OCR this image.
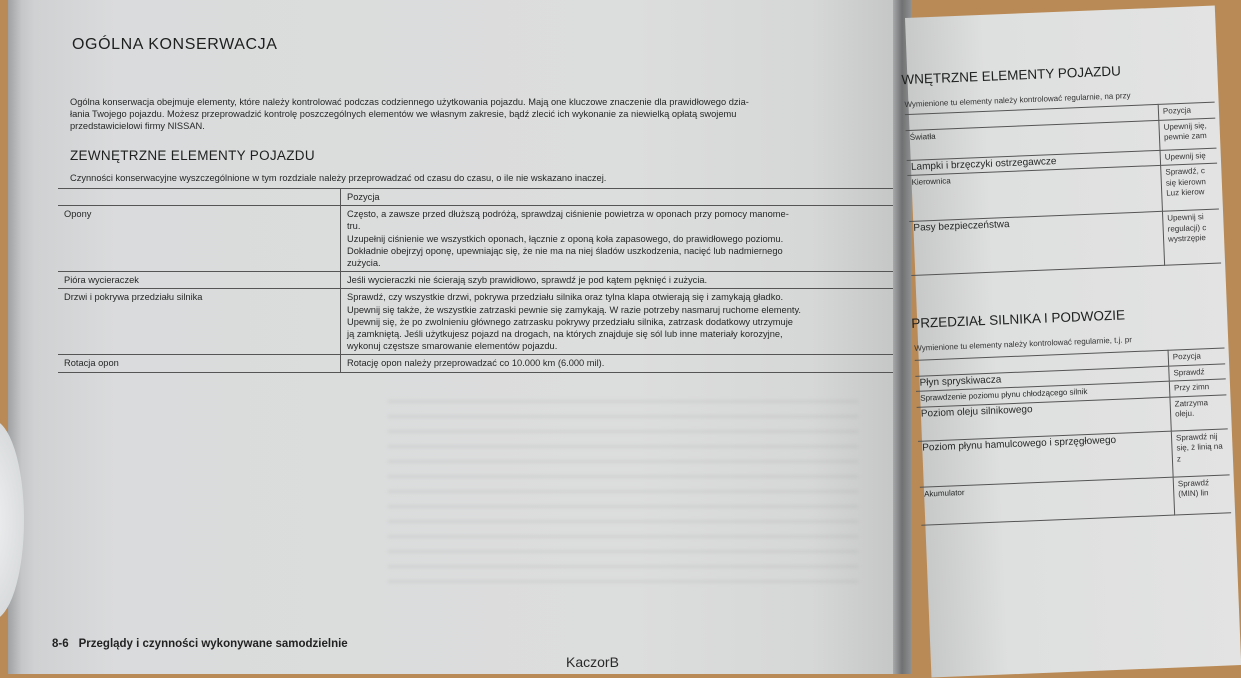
OGÓLNA KONSERWACJA
Ogólna konserwacja obejmuje elementy, które należy kontrolować podczas codziennego użytkowania pojazdu. Mają one kluczowe znaczenie dla prawidłowego dzia-
łania Twojego pojazdu. Możesz przeprowadzić kontrolę poszczególnych elementów we własnym zakresie, bądź zlecić ich wykonanie za niewielką opłatą swojemu
przedstawicielowi firmy NISSAN.
ZEWNĘTRZNE ELEMENTY POJAZDU
Czynności konserwacyjne wyszczególnione w tym rozdziale należy przeprowadzać od czasu do czasu, o ile nie wskazano inaczej.
	Pozycja
Opony	Często, a zawsze przed dłuższą podróżą, sprawdzaj ciśnienie powietrza w oponach przy pomocy manome-
tru.
Uzupełnij ciśnienie we wszystkich oponach, łącznie z oponą koła zapasowego, do prawidłowego poziomu.
Dokładnie obejrzyj oponę, upewniając się, że nie ma na niej śladów uszkodzenia, nacięć lub nadmiernego
zużycia.

Pióra wycieraczek	Jeśli wycieraczki nie ścierają szyb prawidłowo, sprawdź je pod kątem pęknięć i zużycia.

Drzwi i pokrywa przedziału silnika	Sprawdź, czy wszystkie drzwi, pokrywa przedziału silnika oraz tylna klapa otwierają się i zamykają gładko.
Upewnij się także, że wszystkie zatrzaski pewnie się zamykają. W razie potrzeby nasmaruj ruchome elementy.
Upewnij się, że po zwolnieniu głównego zatrzasku pokrywy przedziału silnika, zatrzask dodatkowy utrzymuje
ją zamkniętą. Jeśli użytkujesz pojazd na drogach, na których znajduje się sól lub inne materiały korozyjne,
wykonuj częstsze smarowanie elementów pojazdu.

Rotacja opon	Rotację opon należy przeprowadzać co 10.000 km (6.000 mil).
8-6 Przeglądy i czynności wykonywane samodzielnie
WNĘTRZNE ELEMENTY POJAZDU
Wymienione tu elementy należy kontrolować regularnie, na przy
	Pozycja
Światła	Upewnij się, pewnie zam
Lampki i brzęczyki ostrzegawcze	Upewnij się
Kierownica	Sprawdź, c się kierown Luz kierow
Pasy bezpieczeństwa	Upewnij si regulacji) c wystrzępie
PRZEDZIAŁ SILNIKA I PODWOZIE
Wymienione tu elementy należy kontrolować regularnie, t.j. pr
	Pozycja
Płyn spryskiwacza	Sprawdź
Sprawdzenie poziomu płynu chłodzącego silnik	Przy zimn
Poziom oleju silnikowego	Zatrzyma oleju.
Poziom płynu hamulcowego i sprzęgłowego	Sprawdź nij się, ż linią na z
Akumulator	Sprawdź (MIN) lin
KaczorB
